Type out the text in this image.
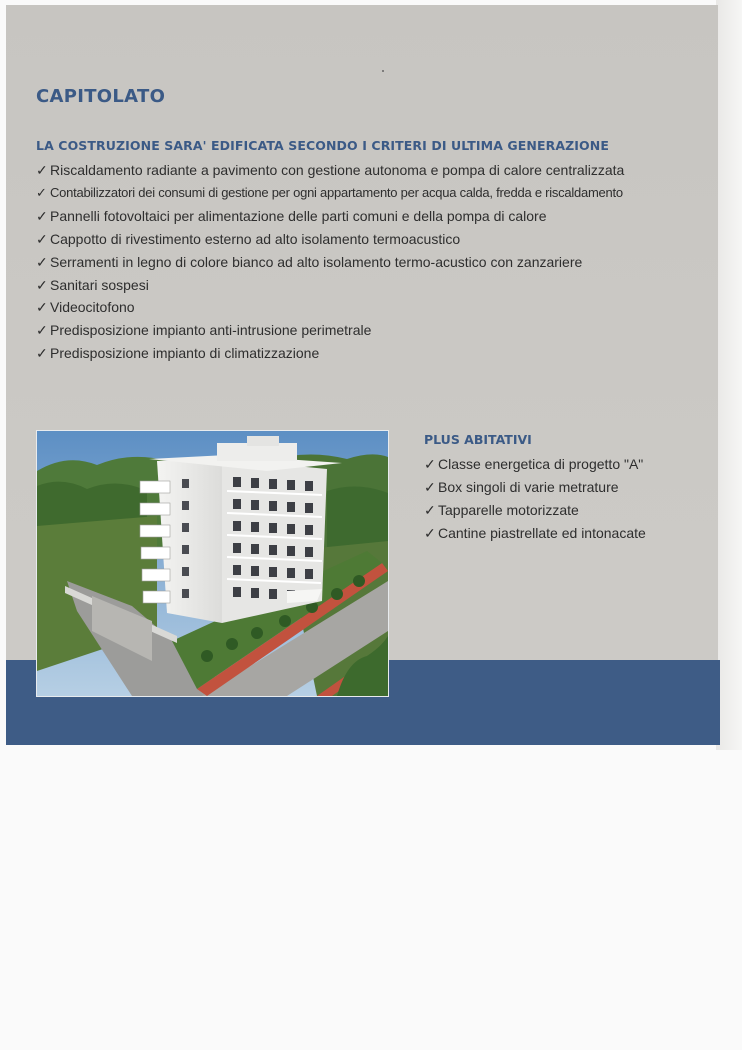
CAPITOLATO
LA COSTRUZIONE SARA' EDIFICATA SECONDO I CRITERI DI ULTIMA GENERAZIONE
✓ Riscaldamento radiante a pavimento con gestione autonoma e pompa di calore centralizzata
✓ Contabilizzatori dei consumi di gestione per ogni appartamento per acqua calda, fredda e riscaldamento
✓ Pannelli fotovoltaici per alimentazione delle parti comuni e della pompa di calore
✓ Cappotto di rivestimento esterno ad alto isolamento termoacustico
✓ Serramenti in legno di colore bianco ad alto isolamento termo-acustico con zanzariere
✓ Sanitari sospesi
✓ Videocitofono
✓ Predisposizione impianto anti-intrusione perimetrale
✓ Predisposizione impianto di climatizzazione
PLUS ABITATIVI
✓ Classe energetica di progetto "A"
✓ Box singoli di varie metrature
✓ Tapparelle motorizzate
✓ Cantine piastrellate ed intonacate
